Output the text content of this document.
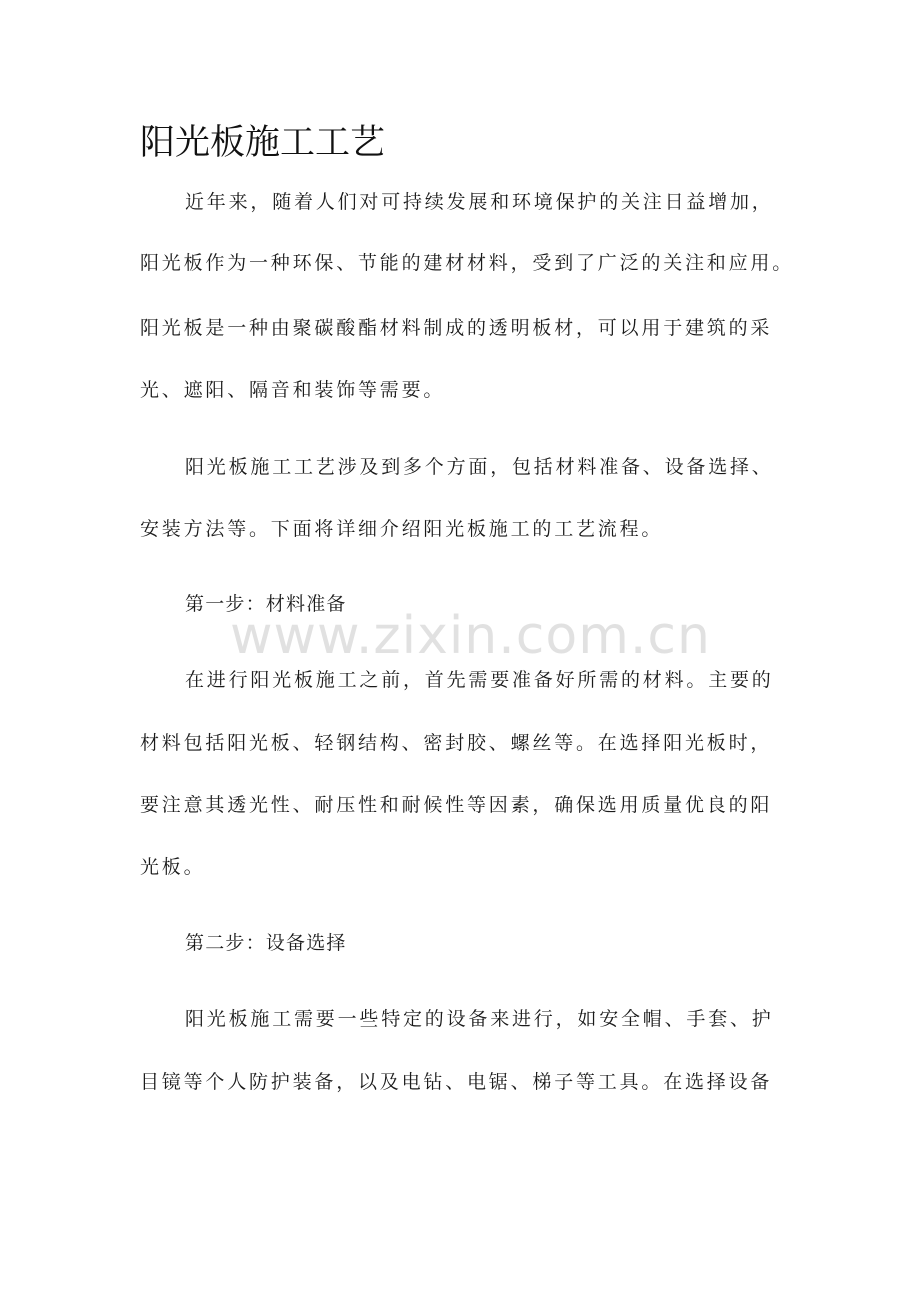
阳光板施工工艺
近年来，随着人们对可持续发展和环境保护的关注日益增加，
阳光板作为一种环保、节能的建材材料，受到了广泛的关注和应用。
阳光板是一种由聚碳酸酯材料制成的透明板材，可以用于建筑的采
光、遮阳、隔音和装饰等需要。
阳光板施工工艺涉及到多个方面，包括材料准备、设备选择、
安装方法等。下面将详细介绍阳光板施工的工艺流程。
第一步：材料准备
在进行阳光板施工之前，首先需要准备好所需的材料。主要的
材料包括阳光板、轻钢结构、密封胶、螺丝等。在选择阳光板时，
要注意其透光性、耐压性和耐候性等因素，确保选用质量优良的阳
光板。
第二步：设备选择
阳光板施工需要一些特定的设备来进行，如安全帽、手套、护
目镜等个人防护装备，以及电钻、电锯、梯子等工具。在选择设备
www.zixin.com.cn
